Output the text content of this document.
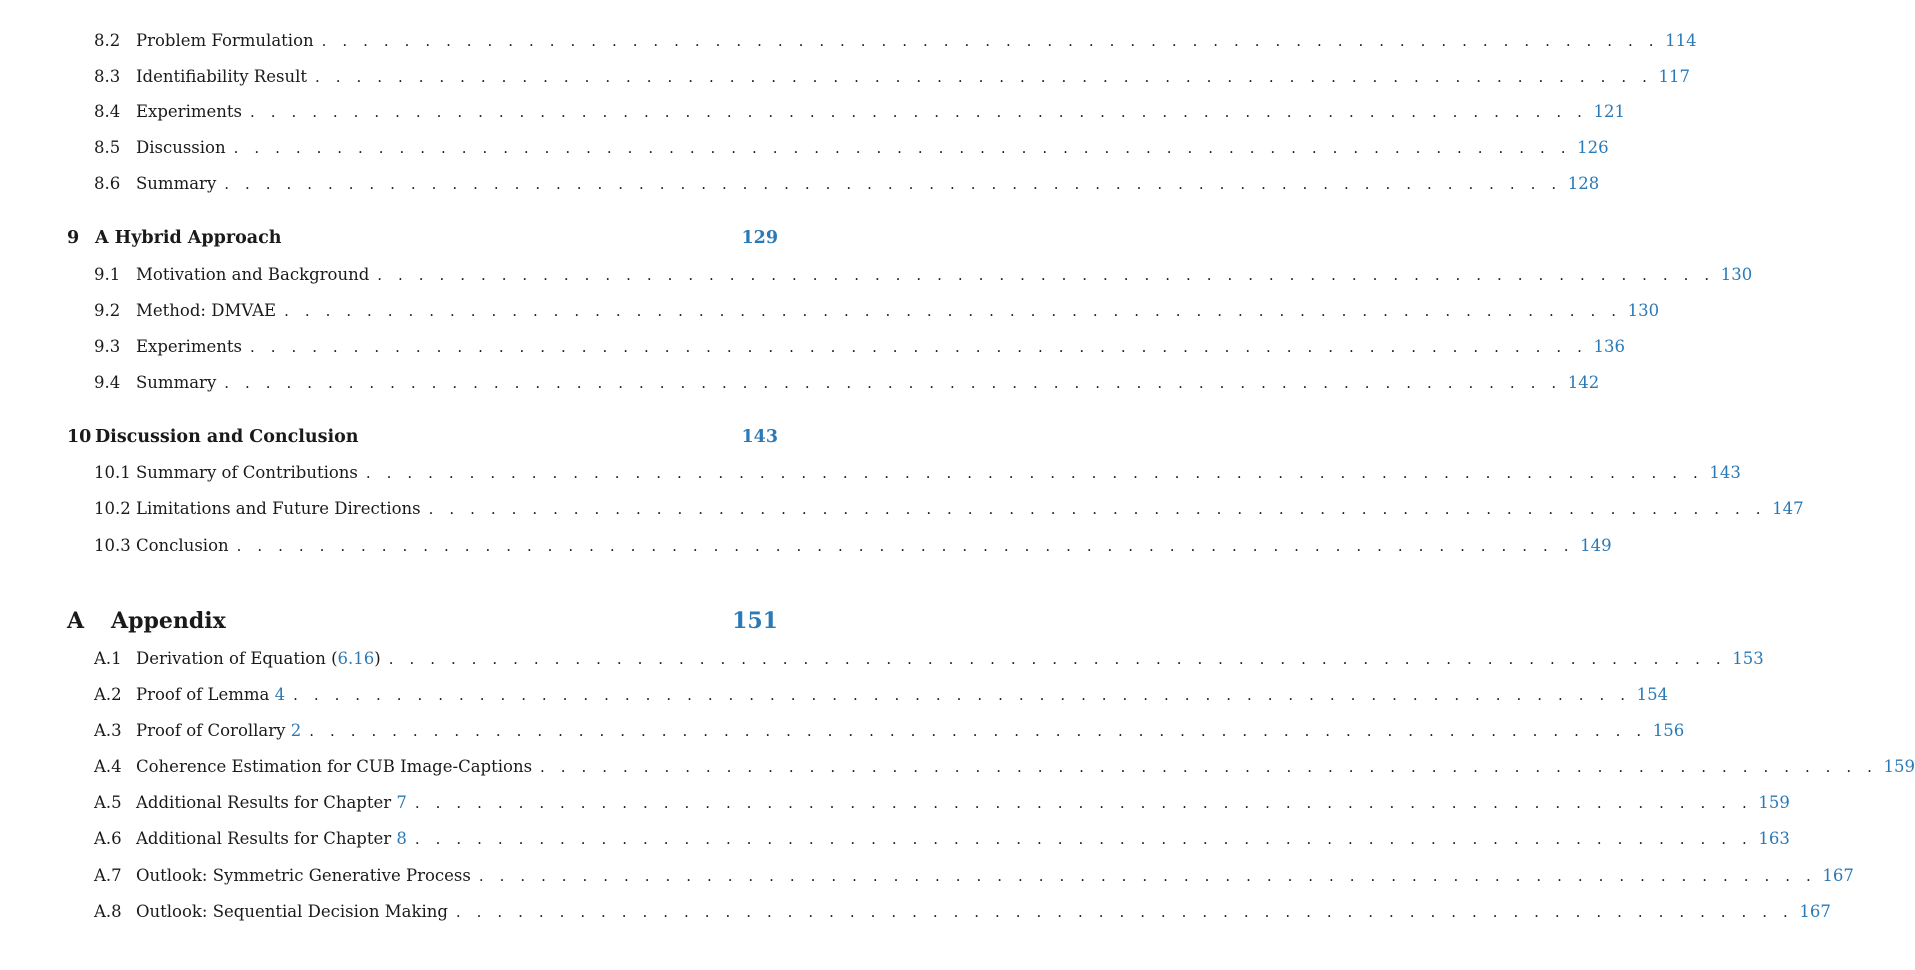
8.2 Problem Formulation . . . . . . . . . . . . . . . . . . . . . . . . . . . . . . . . . . . . . . . . . . . . . . . . . . . . . . . . . . . . . . . . . 114
8.3 Identifiability Result . . . . . . . . . . . . . . . . . . . . . . . . . . . . . . . . . . . . . . . . . . . . . . . . . . . . . . . . . . . . . . . . . 117
8.4 Experiments . . . . . . . . . . . . . . . . . . . . . . . . . . . . . . . . . . . . . . . . . . . . . . . . . . . . . . . . . . . . . . . . . 121
8.5 Discussion . . . . . . . . . . . . . . . . . . . . . . . . . . . . . . . . . . . . . . . . . . . . . . . . . . . . . . . . . . . . . . . . . 126
8.6 Summary . . . . . . . . . . . . . . . . . . . . . . . . . . . . . . . . . . . . . . . . . . . . . . . . . . . . . . . . . . . . . . . . . 128
9 A Hybrid Approach	129
9.1 Motivation and Background . . . . . . . . . . . . . . . . . . . . . . . . . . . . . . . . . . . . . . . . . . . . . . . . . . . . . . . . . . . . . . . . . 130
9.2 Method: DMVAE . . . . . . . . . . . . . . . . . . . . . . . . . . . . . . . . . . . . . . . . . . . . . . . . . . . . . . . . . . . . . . . . . 130
9.3 Experiments . . . . . . . . . . . . . . . . . . . . . . . . . . . . . . . . . . . . . . . . . . . . . . . . . . . . . . . . . . . . . . . . . 136
9.4 Summary . . . . . . . . . . . . . . . . . . . . . . . . . . . . . . . . . . . . . . . . . . . . . . . . . . . . . . . . . . . . . . . . . 142
10 Discussion and Conclusion	143
10.1 Summary of Contributions . . . . . . . . . . . . . . . . . . . . . . . . . . . . . . . . . . . . . . . . . . . . . . . . . . . . . . . . . . . . . . . . . 143
10.2 Limitations and Future Directions . . . . . . . . . . . . . . . . . . . . . . . . . . . . . . . . . . . . . . . . . . . . . . . . . . . . . . . . . . . . . . . . . 147
10.3 Conclusion . . . . . . . . . . . . . . . . . . . . . . . . . . . . . . . . . . . . . . . . . . . . . . . . . . . . . . . . . . . . . . . . . 149
A	Appendix	151
A.1 Derivation of Equation (6.16) . . . . . . . . . . . . . . . . . . . . . . . . . . . . . . . . . . . . . . . . . . . . . . . . . . . . . . . . . . . . . . . . . 153
A.2 Proof of Lemma 4 . . . . . . . . . . . . . . . . . . . . . . . . . . . . . . . . . . . . . . . . . . . . . . . . . . . . . . . . . . . . . . . . . 154
A.3 Proof of Corollary 2 . . . . . . . . . . . . . . . . . . . . . . . . . . . . . . . . . . . . . . . . . . . . . . . . . . . . . . . . . . . . . . . . . 156
A.4 Coherence Estimation for CUB Image-Captions . . . . . . . . . . . . . . . . . . . . . . . . . . . . . . . . . . . . . . . . . . . . . . . . . . . . . . . . . . . . . . . . . 159
A.5 Additional Results for Chapter 7 . . . . . . . . . . . . . . . . . . . . . . . . . . . . . . . . . . . . . . . . . . . . . . . . . . . . . . . . . . . . . . . . . 159
A.6 Additional Results for Chapter 8 . . . . . . . . . . . . . . . . . . . . . . . . . . . . . . . . . . . . . . . . . . . . . . . . . . . . . . . . . . . . . . . . . 163
A.7 Outlook: Symmetric Generative Process . . . . . . . . . . . . . . . . . . . . . . . . . . . . . . . . . . . . . . . . . . . . . . . . . . . . . . . . . . . . . . . . . 167
A.8 Outlook: Sequential Decision Making . . . . . . . . . . . . . . . . . . . . . . . . . . . . . . . . . . . . . . . . . . . . . . . . . . . . . . . . . . . . . . . . . 167
